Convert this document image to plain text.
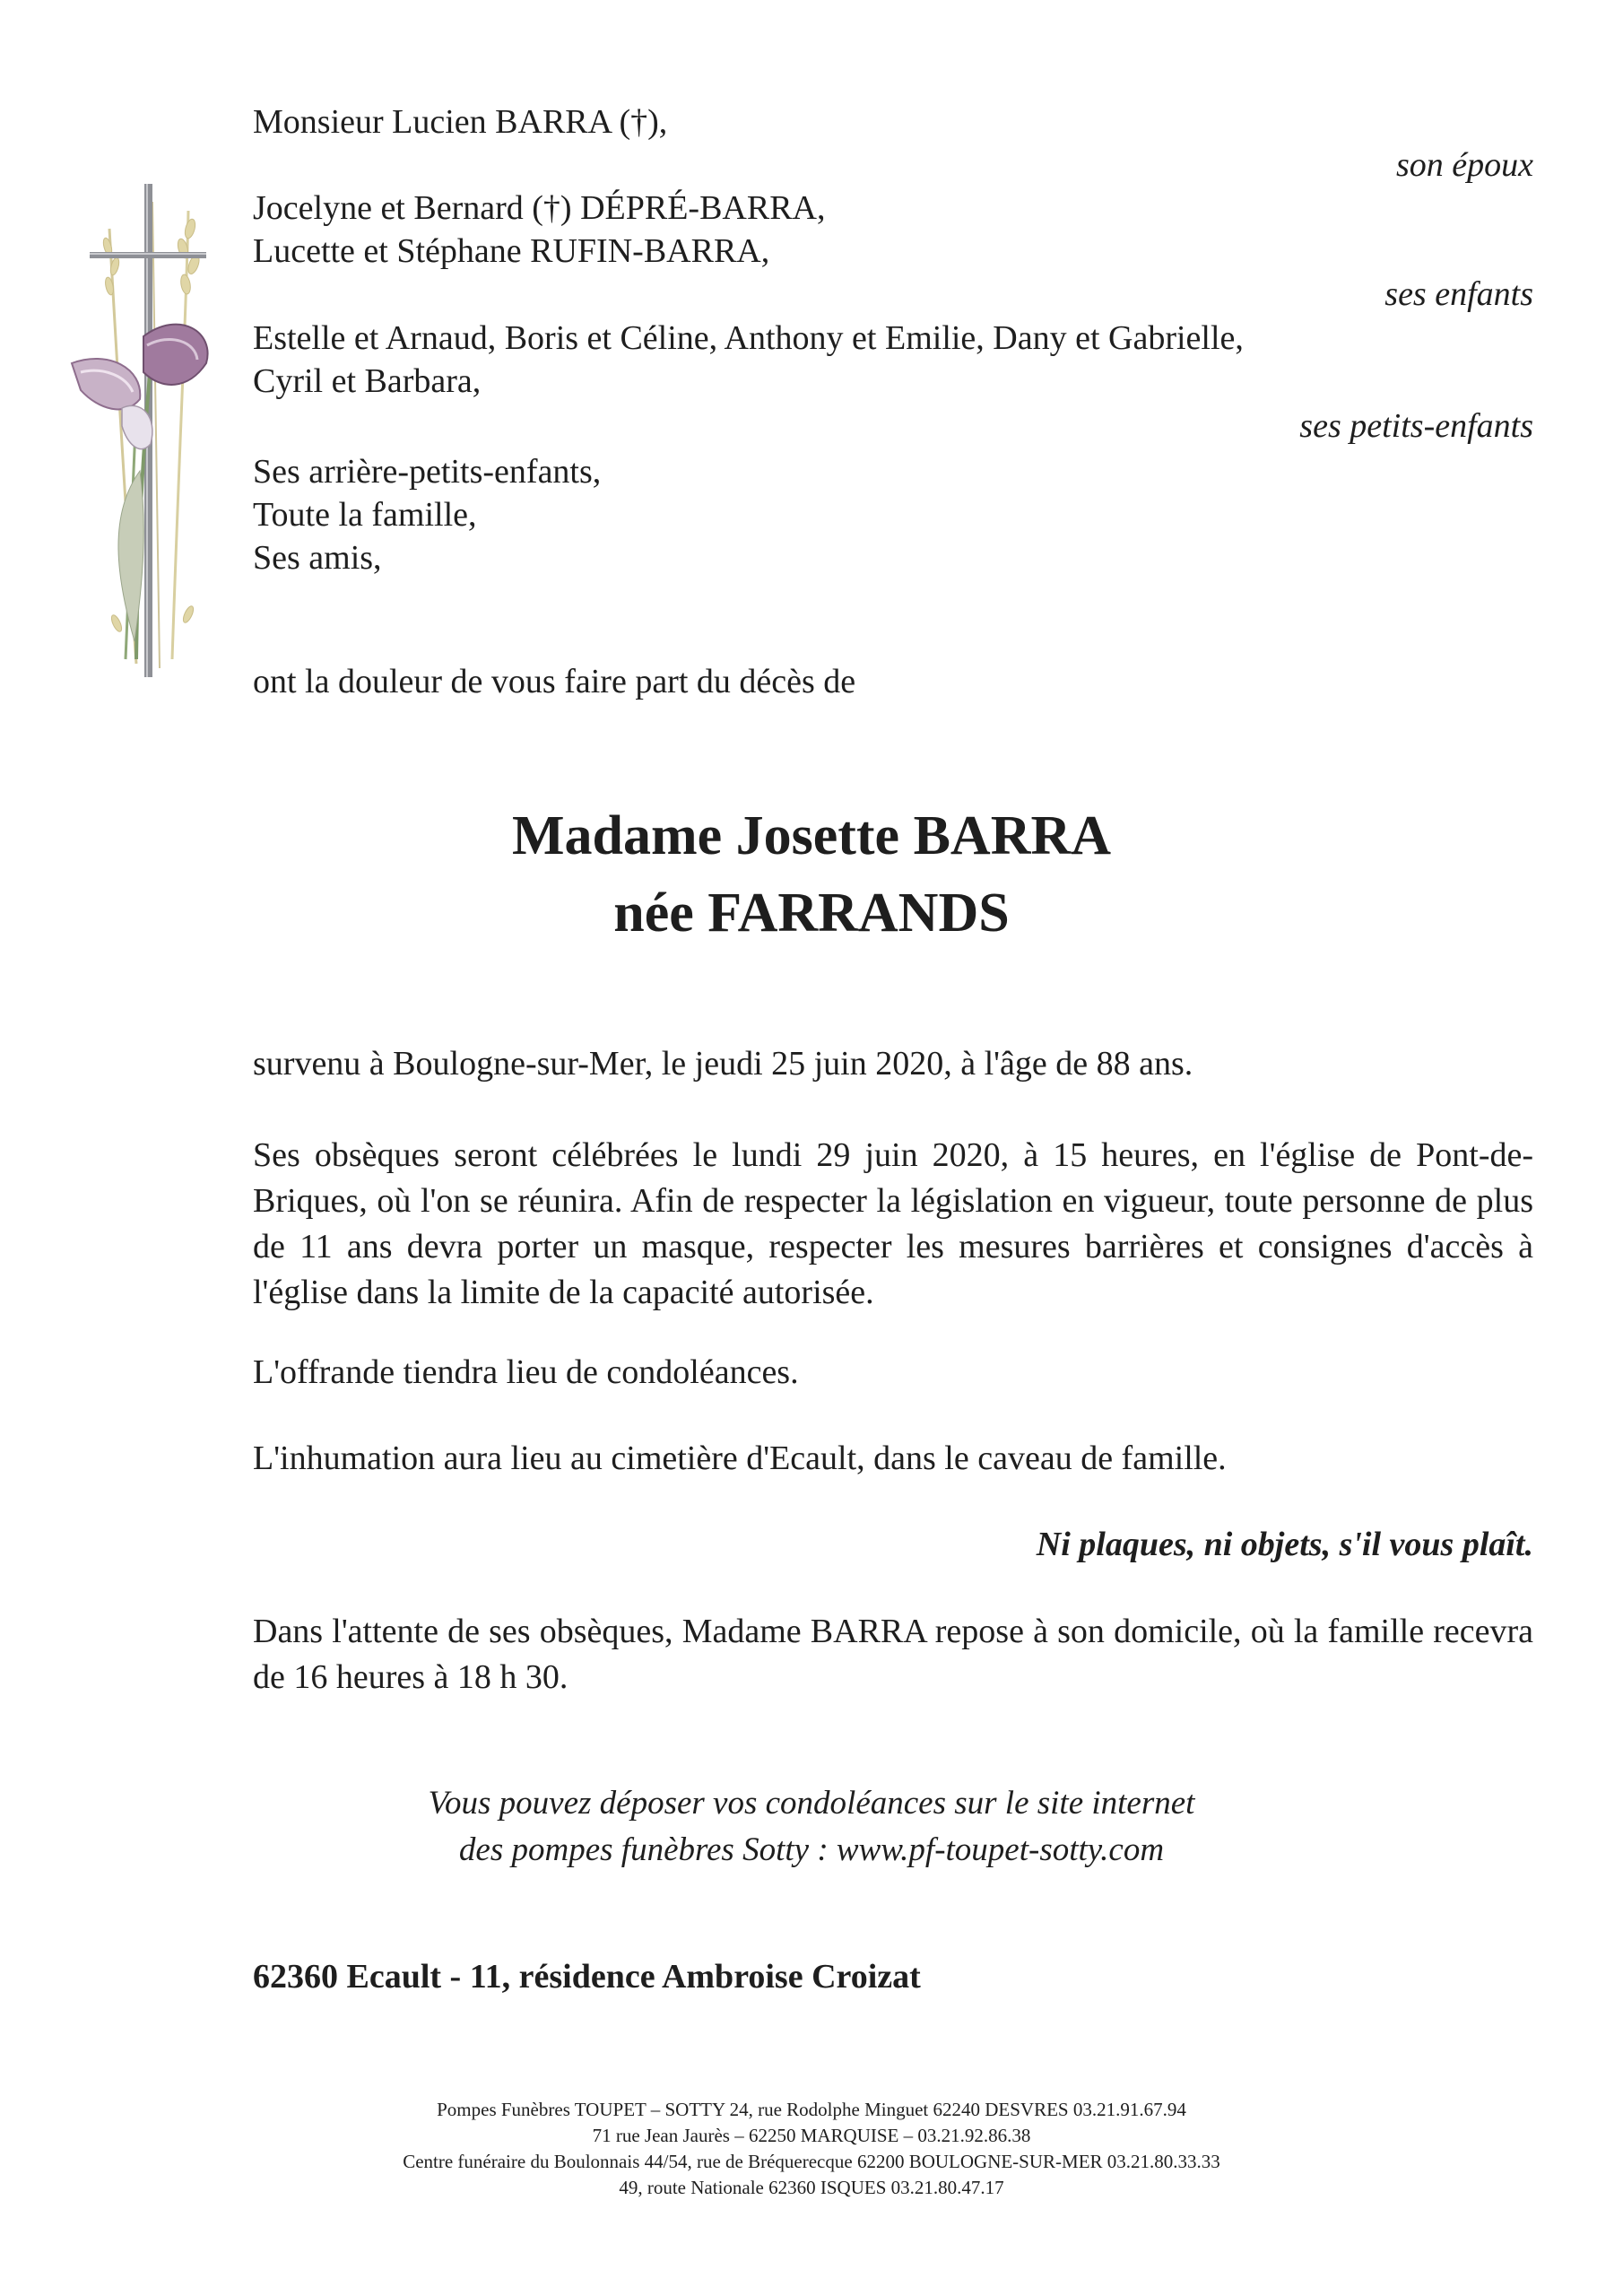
Monsieur Lucien BARRA (†),
son époux
Jocelyne et Bernard (†) DÉPRÉ-BARRA,
Lucette et Stéphane RUFIN-BARRA,
ses enfants
Estelle et Arnaud, Boris et Céline, Anthony et Emilie, Dany et Gabrielle,
Cyril et Barbara,
ses petits-enfants
Ses arrière-petits-enfants,
Toute la famille,
Ses amis,
ont la douleur de vous faire part du décès de
Madame Josette BARRA
née FARRANDS
survenu à Boulogne-sur-Mer, le jeudi 25 juin 2020, à l'âge de 88 ans.
Ses obsèques seront célébrées le lundi 29 juin 2020, à 15 heures, en l'église de Pont-de-Briques, où l'on se réunira. Afin de respecter la législation en vigueur, toute personne de plus de 11 ans devra porter un masque, respecter les mesures barrières et consignes d'accès à l'église dans la limite de la capacité autorisée.
L'offrande tiendra lieu de condoléances.
L'inhumation aura lieu au cimetière d'Ecault, dans le caveau de famille.
Ni plaques, ni objets, s'il vous plaît.
Dans l'attente de ses obsèques, Madame BARRA repose à son domicile, où la famille recevra de 16 heures à 18 h 30.
Vous pouvez déposer vos condoléances sur le site internet
des pompes funèbres Sotty : www.pf-toupet-sotty.com
62360 Ecault - 11, résidence Ambroise Croizat
Pompes Funèbres TOUPET – SOTTY 24, rue Rodolphe Minguet 62240 DESVRES 03.21.91.67.94
71 rue Jean Jaurès – 62250 MARQUISE – 03.21.92.86.38
Centre funéraire du Boulonnais 44/54, rue de Bréquerecque 62200 BOULOGNE-SUR-MER 03.21.80.33.33
49, route Nationale 62360 ISQUES 03.21.80.47.17
